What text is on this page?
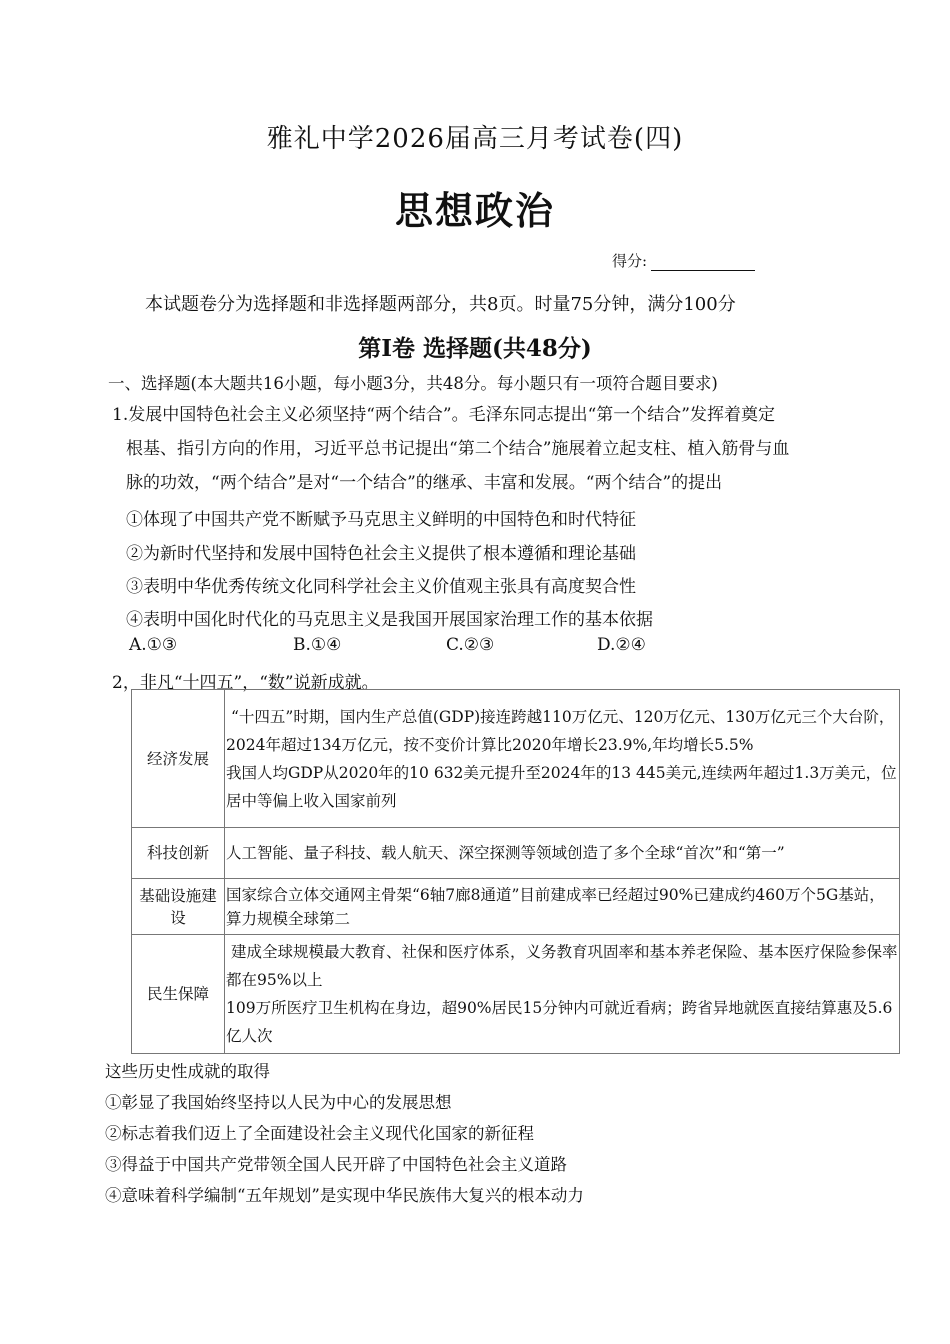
雅礼中学2026届高三月考试卷(四)
思想政治
得分:
本试题卷分为选择题和非选择题两部分，共8页。时量75分钟，满分100分
第Ⅰ卷 选择题(共48分)
一、选择题(本大题共16小题，每小题3分，共48分。每小题只有一项符合题目要求)
1.发展中国特色社会主义必须坚持“两个结合”。毛泽东同志提出“第一个结合”发挥着奠定
根基、指引方向的作用，习近平总书记提出“第二个结合”施展着立起支柱、植入筋骨与血
脉的功效，“两个结合”是对“一个结合”的继承、丰富和发展。“两个结合”的提出
①体现了中国共产党不断赋予马克思主义鲜明的中国特色和时代特征
②为新时代坚持和发展中国特色社会主义提供了根本遵循和理论基础
③表明中华优秀传统文化同科学社会主义价值观主张具有高度契合性
④表明中国化时代化的马克思主义是我国开展国家治理工作的基本依据
A.①③	B.①④	C.②③	D.②④
2，非凡“十四五”，“数”说新成就。
经济发展	“十四五”时期，国内生产总值(GDP)接连跨越110万亿元、120万亿元、130万亿元三个大台阶，2024年超过134万亿元，按不变价计算比2020年增长23.9%,年均增长5.5%
我国人均GDP从2020年的10 632美元提升至2024年的13 445美元,连续两年超过1.3万美元，位居中等偏上收入国家前列

科技创新	人工智能、量子科技、载人航天、深空探测等领域创造了多个全球“首次”和“第一”

基础设施建设	国家综合立体交通网主骨架“6轴7廊8通道”目前建成率已经超过90%已建成约460万个5G基站，算力规模全球第二

民生保障	建成全球规模最大教育、社保和医疗体系，义务教育巩固率和基本养老保险、基本医疗保险参保率都在95%以上
109万所医疗卫生机构在身边，超90%居民15分钟内可就近看病；跨省异地就医直接结算惠及5.6亿人次
这些历史性成就的取得
①彰显了我国始终坚持以人民为中心的发展思想
②标志着我们迈上了全面建设社会主义现代化国家的新征程
③得益于中国共产党带领全国人民开辟了中国特色社会主义道路
④意味着科学编制“五年规划”是实现中华民族伟大复兴的根本动力
